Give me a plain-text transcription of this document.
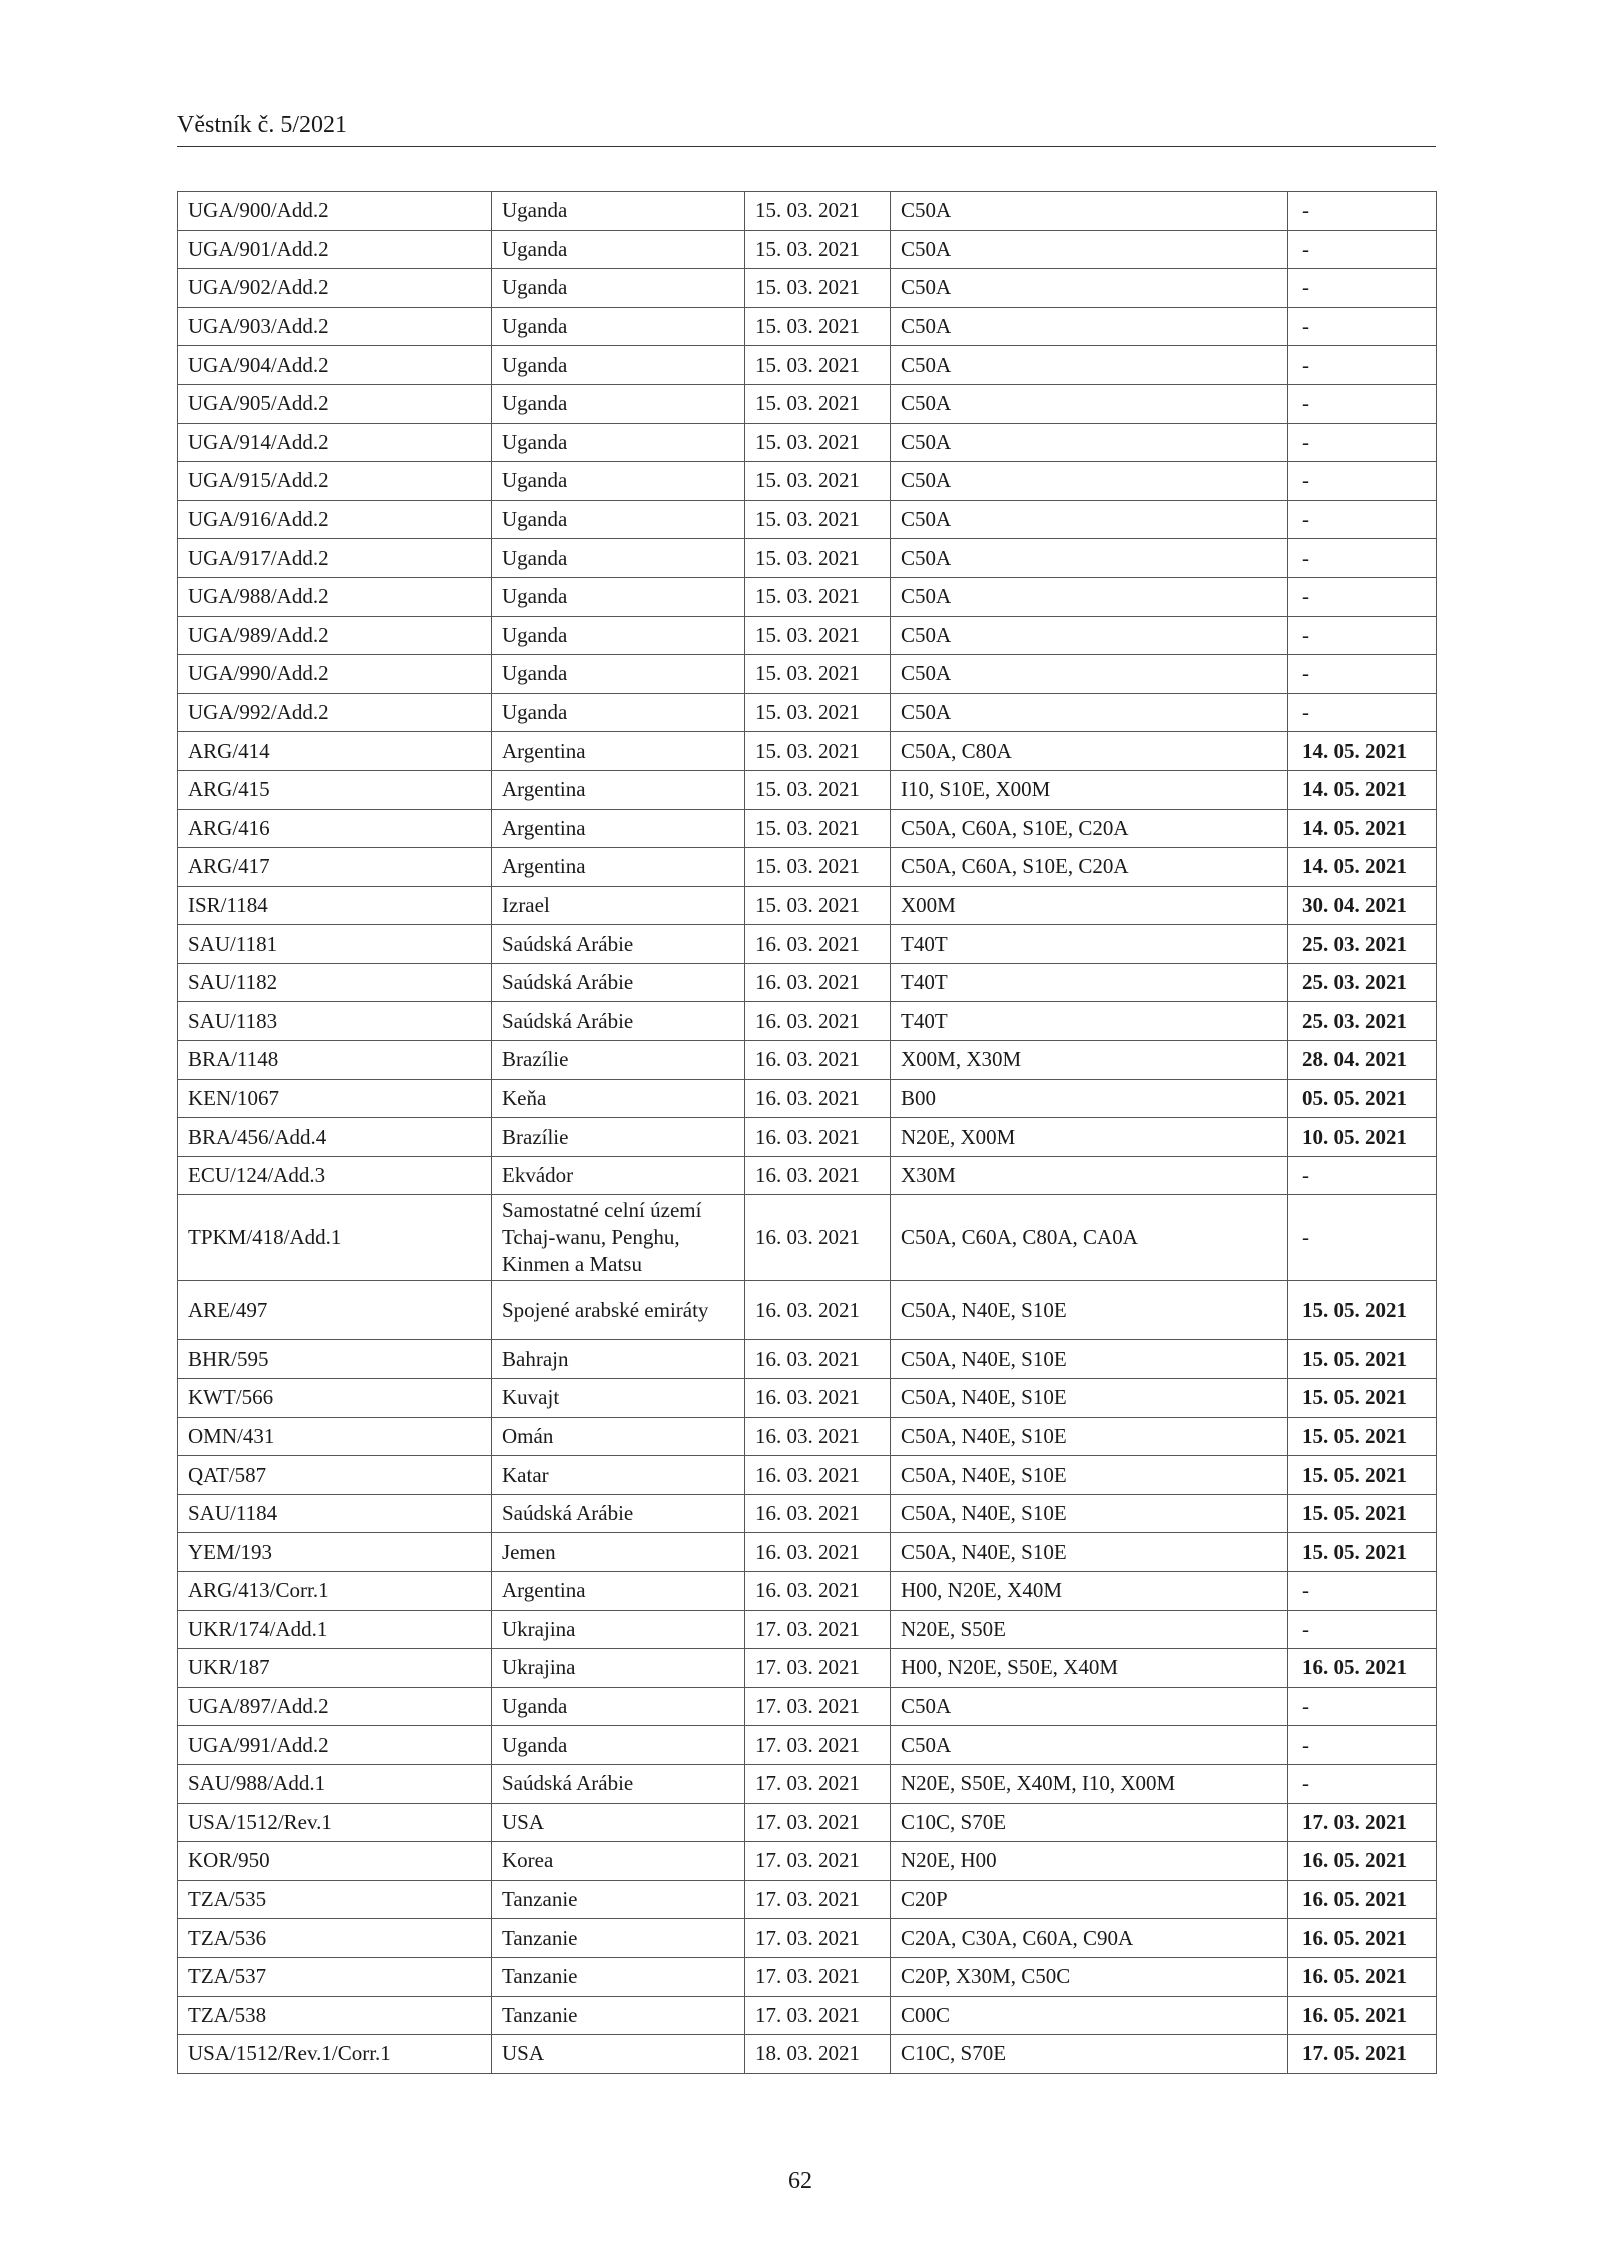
Věstník č. 5/2021
UGA/900/Add.2	Uganda	15. 03. 2021	C50A	-
UGA/901/Add.2	Uganda	15. 03. 2021	C50A	-
UGA/902/Add.2	Uganda	15. 03. 2021	C50A	-
UGA/903/Add.2	Uganda	15. 03. 2021	C50A	-
UGA/904/Add.2	Uganda	15. 03. 2021	C50A	-
UGA/905/Add.2	Uganda	15. 03. 2021	C50A	-
UGA/914/Add.2	Uganda	15. 03. 2021	C50A	-
UGA/915/Add.2	Uganda	15. 03. 2021	C50A	-
UGA/916/Add.2	Uganda	15. 03. 2021	C50A	-
UGA/917/Add.2	Uganda	15. 03. 2021	C50A	-
UGA/988/Add.2	Uganda	15. 03. 2021	C50A	-
UGA/989/Add.2	Uganda	15. 03. 2021	C50A	-
UGA/990/Add.2	Uganda	15. 03. 2021	C50A	-
UGA/992/Add.2	Uganda	15. 03. 2021	C50A	-
ARG/414	Argentina	15. 03. 2021	C50A, C80A	14. 05. 2021
ARG/415	Argentina	15. 03. 2021	I10, S10E, X00M	14. 05. 2021
ARG/416	Argentina	15. 03. 2021	C50A, C60A, S10E, C20A	14. 05. 2021
ARG/417	Argentina	15. 03. 2021	C50A, C60A, S10E, C20A	14. 05. 2021
ISR/1184	Izrael	15. 03. 2021	X00M	30. 04. 2021
SAU/1181	Saúdská Arábie	16. 03. 2021	T40T	25. 03. 2021
SAU/1182	Saúdská Arábie	16. 03. 2021	T40T	25. 03. 2021
SAU/1183	Saúdská Arábie	16. 03. 2021	T40T	25. 03. 2021
BRA/1148	Brazílie	16. 03. 2021	X00M, X30M	28. 04. 2021
KEN/1067	Keňa	16. 03. 2021	B00	05. 05. 2021
BRA/456/Add.4	Brazílie	16. 03. 2021	N20E, X00M	10. 05. 2021
ECU/124/Add.3	Ekvádor	16. 03. 2021	X30M	-
TPKM/418/Add.1	Samostatné celní území Tchaj-wanu, Penghu, Kinmen a Matsu	16. 03. 2021	C50A, C60A, C80A, CA0A	-
ARE/497	Spojené arabské emiráty	16. 03. 2021	C50A, N40E, S10E	15. 05. 2021
BHR/595	Bahrajn	16. 03. 2021	C50A, N40E, S10E	15. 05. 2021
KWT/566	Kuvajt	16. 03. 2021	C50A, N40E, S10E	15. 05. 2021
OMN/431	Omán	16. 03. 2021	C50A, N40E, S10E	15. 05. 2021
QAT/587	Katar	16. 03. 2021	C50A, N40E, S10E	15. 05. 2021
SAU/1184	Saúdská Arábie	16. 03. 2021	C50A, N40E, S10E	15. 05. 2021
YEM/193	Jemen	16. 03. 2021	C50A, N40E, S10E	15. 05. 2021
ARG/413/Corr.1	Argentina	16. 03. 2021	H00, N20E, X40M	-
UKR/174/Add.1	Ukrajina	17. 03. 2021	N20E, S50E	-
UKR/187	Ukrajina	17. 03. 2021	H00, N20E, S50E, X40M	16. 05. 2021
UGA/897/Add.2	Uganda	17. 03. 2021	C50A	-
UGA/991/Add.2	Uganda	17. 03. 2021	C50A	-
SAU/988/Add.1	Saúdská Arábie	17. 03. 2021	N20E, S50E, X40M, I10, X00M	-
USA/1512/Rev.1	USA	17. 03. 2021	C10C, S70E	17. 03. 2021
KOR/950	Korea	17. 03. 2021	N20E, H00	16. 05. 2021
TZA/535	Tanzanie	17. 03. 2021	C20P	16. 05. 2021
TZA/536	Tanzanie	17. 03. 2021	C20A, C30A, C60A, C90A	16. 05. 2021
TZA/537	Tanzanie	17. 03. 2021	C20P, X30M, C50C	16. 05. 2021
TZA/538	Tanzanie	17. 03. 2021	C00C	16. 05. 2021
USA/1512/Rev.1/Corr.1	USA	18. 03. 2021	C10C, S70E	17. 05. 2021
62
